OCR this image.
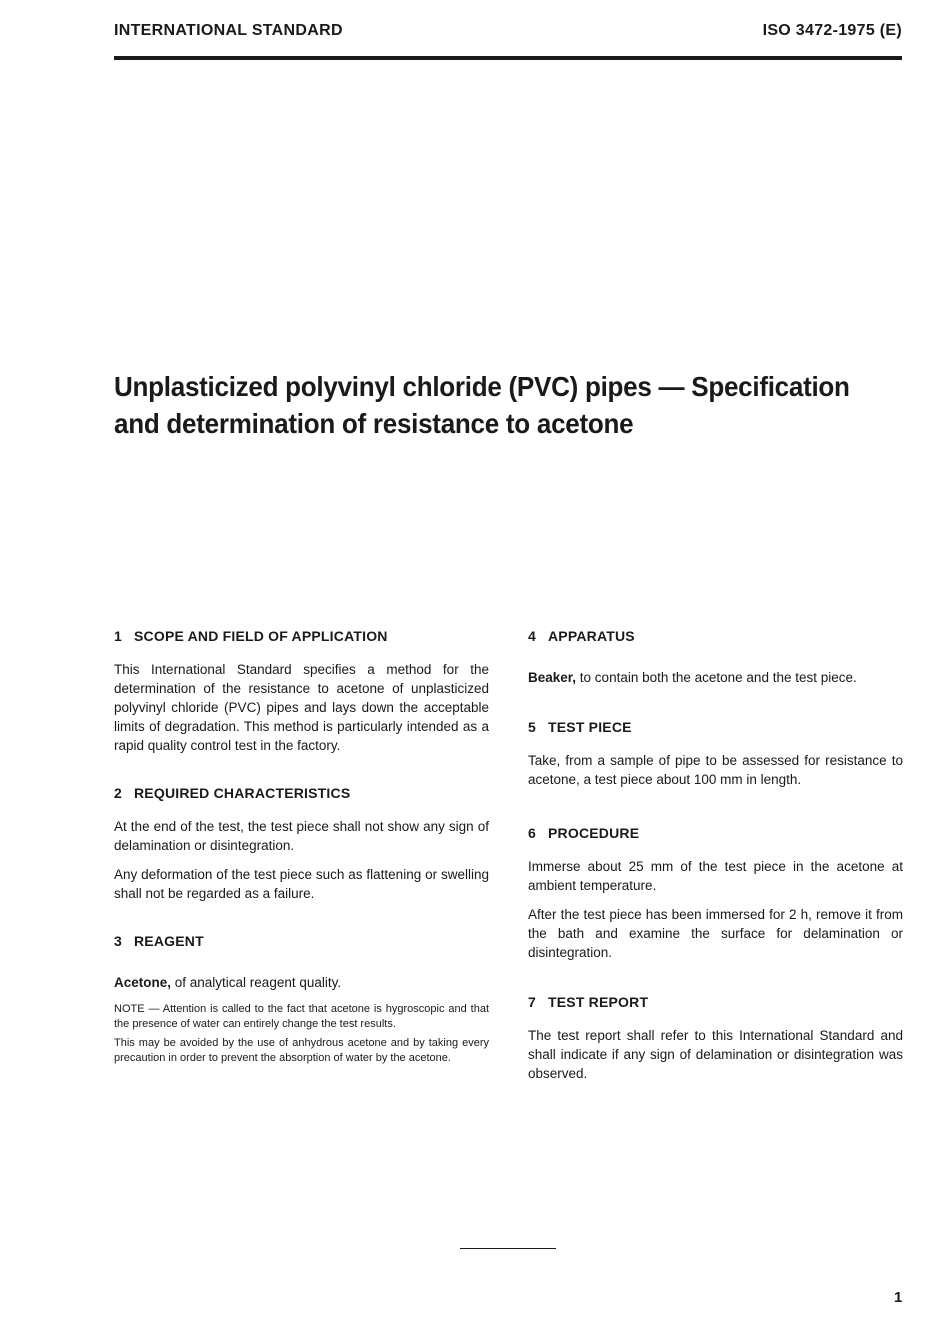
INTERNATIONAL STANDARD	ISO 3472-1975 (E)
Unplasticized polyvinyl chloride (PVC) pipes — Specification
and determination of resistance to acetone
1 SCOPE AND FIELD OF APPLICATION

This International Standard specifies a method for the determination of the resistance to acetone of unplasticized polyvinyl chloride (PVC) pipes and lays down the acceptable limits of degradation. This method is particularly intended as a rapid quality control test in the factory.

2 REQUIRED CHARACTERISTICS

At the end of the test, the test piece shall not show any sign of delamination or disintegration.

Any deformation of the test piece such as flattening or swelling shall not be regarded as a failure.

3 REAGENT

Acetone, of analytical reagent quality.

NOTE — Attention is called to the fact that acetone is hygroscopic and that the presence of water can entirely change the test results.

This may be avoided by the use of anhydrous acetone and by taking every precaution in order to prevent the absorption of water by the acetone.

4 APPARATUS

Beaker, to contain both the acetone and the test piece.

5 TEST PIECE

Take, from a sample of pipe to be assessed for resistance to acetone, a test piece about 100 mm in length.

6 PROCEDURE

Immerse about 25 mm of the test piece in the acetone at ambient temperature.

After the test piece has been immersed for 2 h, remove it from the bath and examine the surface for delamination or disintegration.

7 TEST REPORT

The test report shall refer to this International Standard and shall indicate if any sign of delamination or disintegration was observed.

1
